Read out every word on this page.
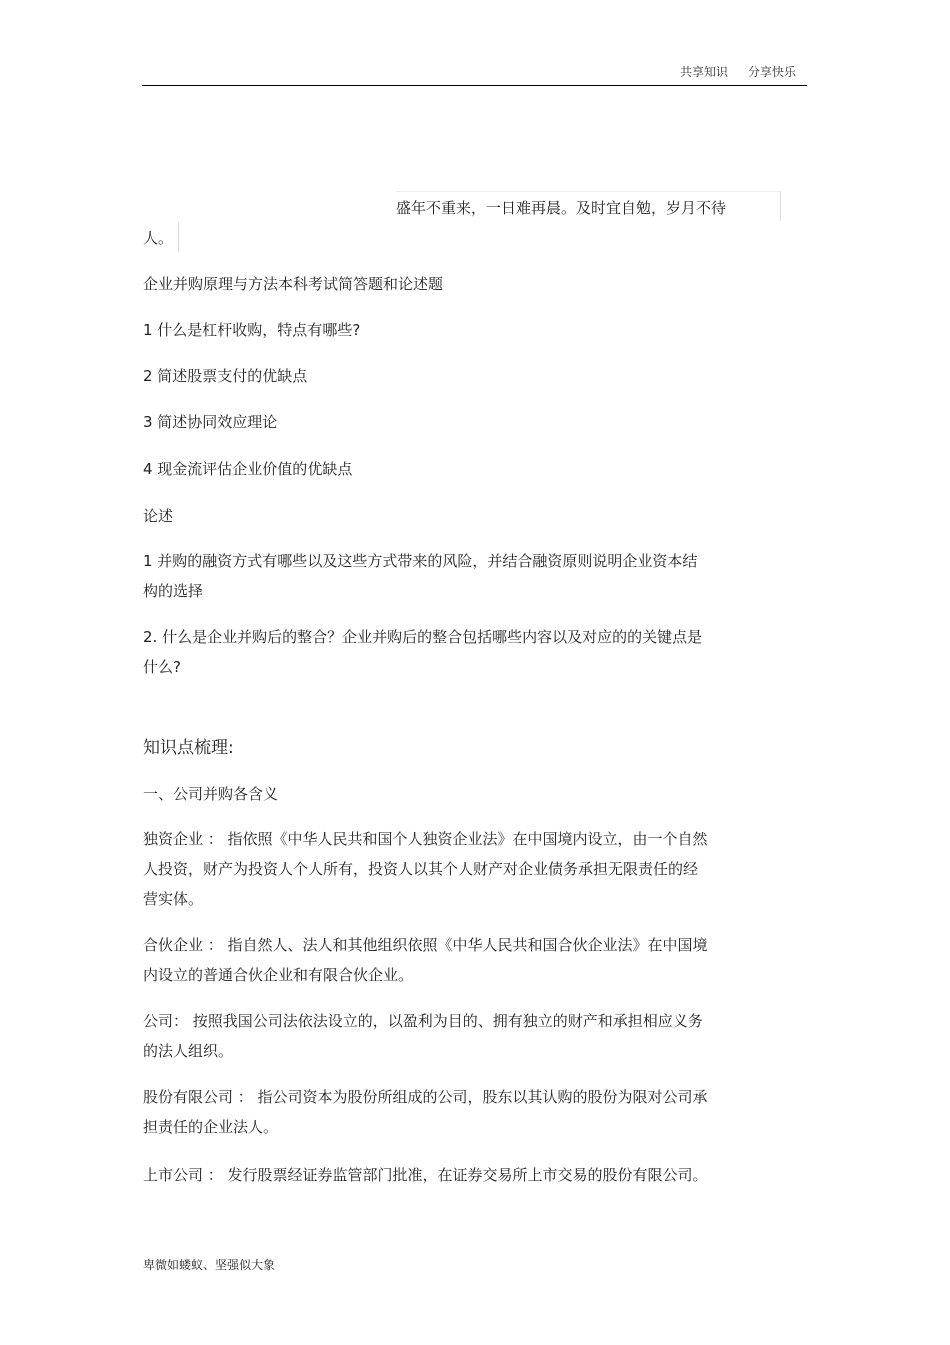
共享知识 分享快乐

盛年不重来，一日难再晨。及时宜自勉，岁月不待

人。

企业并购原理与方法本科考试简答题和论述题

1 什么是杠杆收购，特点有哪些?

2 简述股票支付的优缺点

3 简述协同效应理论

4 现金流评估企业价值的优缺点

论述

1 并购的融资方式有哪些以及这些方式带来的风险，并结合融资原则说明企业资本结

构的选择

2. 什么是企业并购后的整合？企业并购后的整合包括哪些内容以及对应的的关键点是

什么?

知识点梳理:

一、公司并购各含义

独资企业 ： 指依照《中华人民共和国个人独资企业法》在中国境内设立，由一个自然

人投资，财产为投资人个人所有，投资人以其个人财产对企业债务承担无限责任的经

营实体。

合伙企业 ： 指自然人、法人和其他组织依照《中华人民共和国合伙企业法》在中国境

内设立的普通合伙企业和有限合伙企业。

公司： 按照我国公司法依法设立的，以盈利为目的、拥有独立的财产和承担相应义务

的法人组织。

股份有限公司 ： 指公司资本为股份所组成的公司，股东以其认购的股份为限对公司承

担责任的企业法人。

上市公司 ： 发行股票经证券监管部门批准，在证券交易所上市交易的股份有限公司。

卑微如蝼蚁、坚强似大象
